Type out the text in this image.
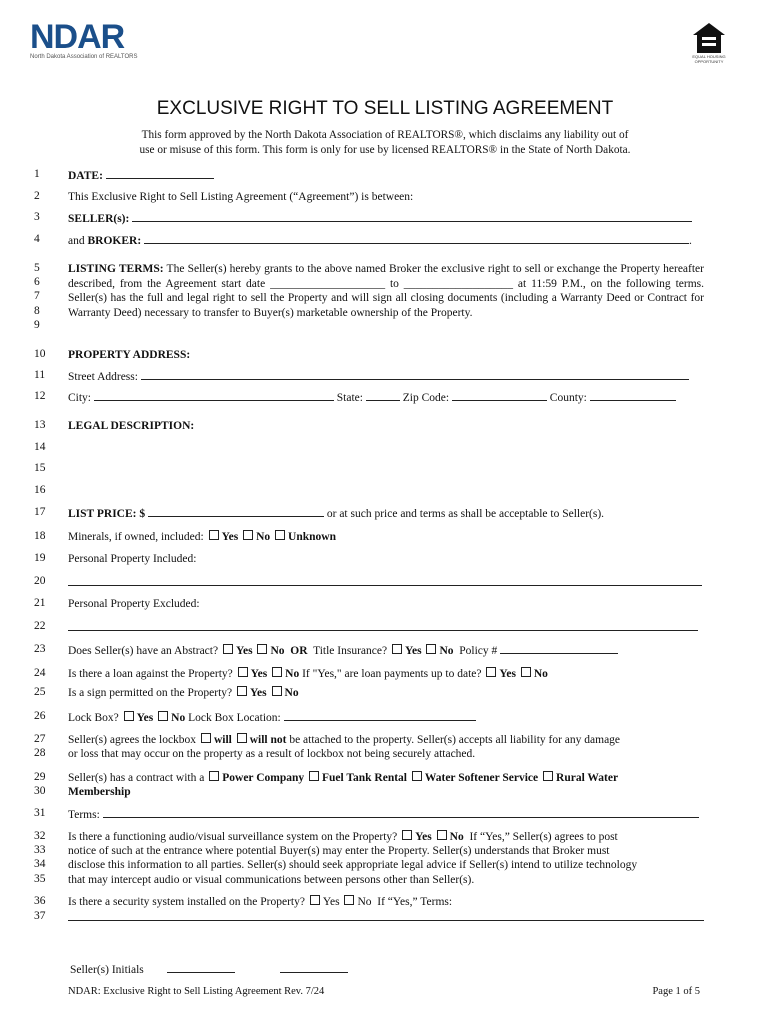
NDAR
North Dakota Association of REALTORS	EQUAL HOUSING OPPORTUNITY
EXCLUSIVE RIGHT TO SELL LISTING AGREEMENT
This form approved by the North Dakota Association of REALTORS®, which disclaims any liability out of
use or misuse of this form. This form is only for use by licensed REALTORS® in the State of North Dakota.
1
2
3
4
5
6
7
8
9
10
11
12
13
14
15
16
17
18
19
20
21
22
23
24
25
26
27
28
29
30
31
32
33
34
35
36
37
DATE:
This Exclusive Right to Sell Listing Agreement (“Agreement”) is between:
SELLER(s):
and BROKER:	.
LISTING TERMS: The Seller(s) hereby grants to the above named Broker the exclusive right to sell or exchange the Property hereafter described, from the Agreement start date ____________________ to ___________________ at 11:59 P.M., on the following terms. Seller(s) has the full and legal right to sell the Property and will sign all closing documents (including a Warranty Deed or Contract for Warranty Deed) necessary to transfer to Buyer(s) marketable ownership of the Property.
PROPERTY ADDRESS:
Street Address:
City:	State:	Zip Code:	County:
LEGAL DESCRIPTION:
LIST PRICE: $	or at such price and terms as shall be acceptable to Seller(s).
Minerals, if owned, included: Yes No Unknown
Personal Property Included:
Personal Property Excluded:
Does Seller(s) have an Abstract? Yes No OR Title Insurance? Yes No Policy #
Is there a loan against the Property? Yes No If "Yes," are loan payments up to date? Yes No
Is a sign permitted on the Property? Yes No
Lock Box? Yes No Lock Box Location:
Seller(s) agrees the lockbox will will not be attached to the property. Seller(s) accepts all liability for any damage
or loss that may occur on the property as a result of lockbox not being securely attached.
Seller(s) has a contract with a Power Company Fuel Tank Rental Water Softener Service Rural Water
Membership
Terms:
Is there a functioning audio/visual surveillance system on the Property? Yes No If “Yes,” Seller(s) agrees to post
notice of such at the entrance where potential Buyer(s) may enter the Property. Seller(s) understands that Broker must
disclose this information to all parties. Seller(s) should seek appropriate legal advice if Seller(s) intend to utilize technology
that may intercept audio or visual communications between persons other than Seller(s).
Is there a security system installed on the Property? Yes No If “Yes,” Terms:
Seller(s) Initials
NDAR: Exclusive Right to Sell Listing Agreement Rev. 7/24	Page 1 of 5
